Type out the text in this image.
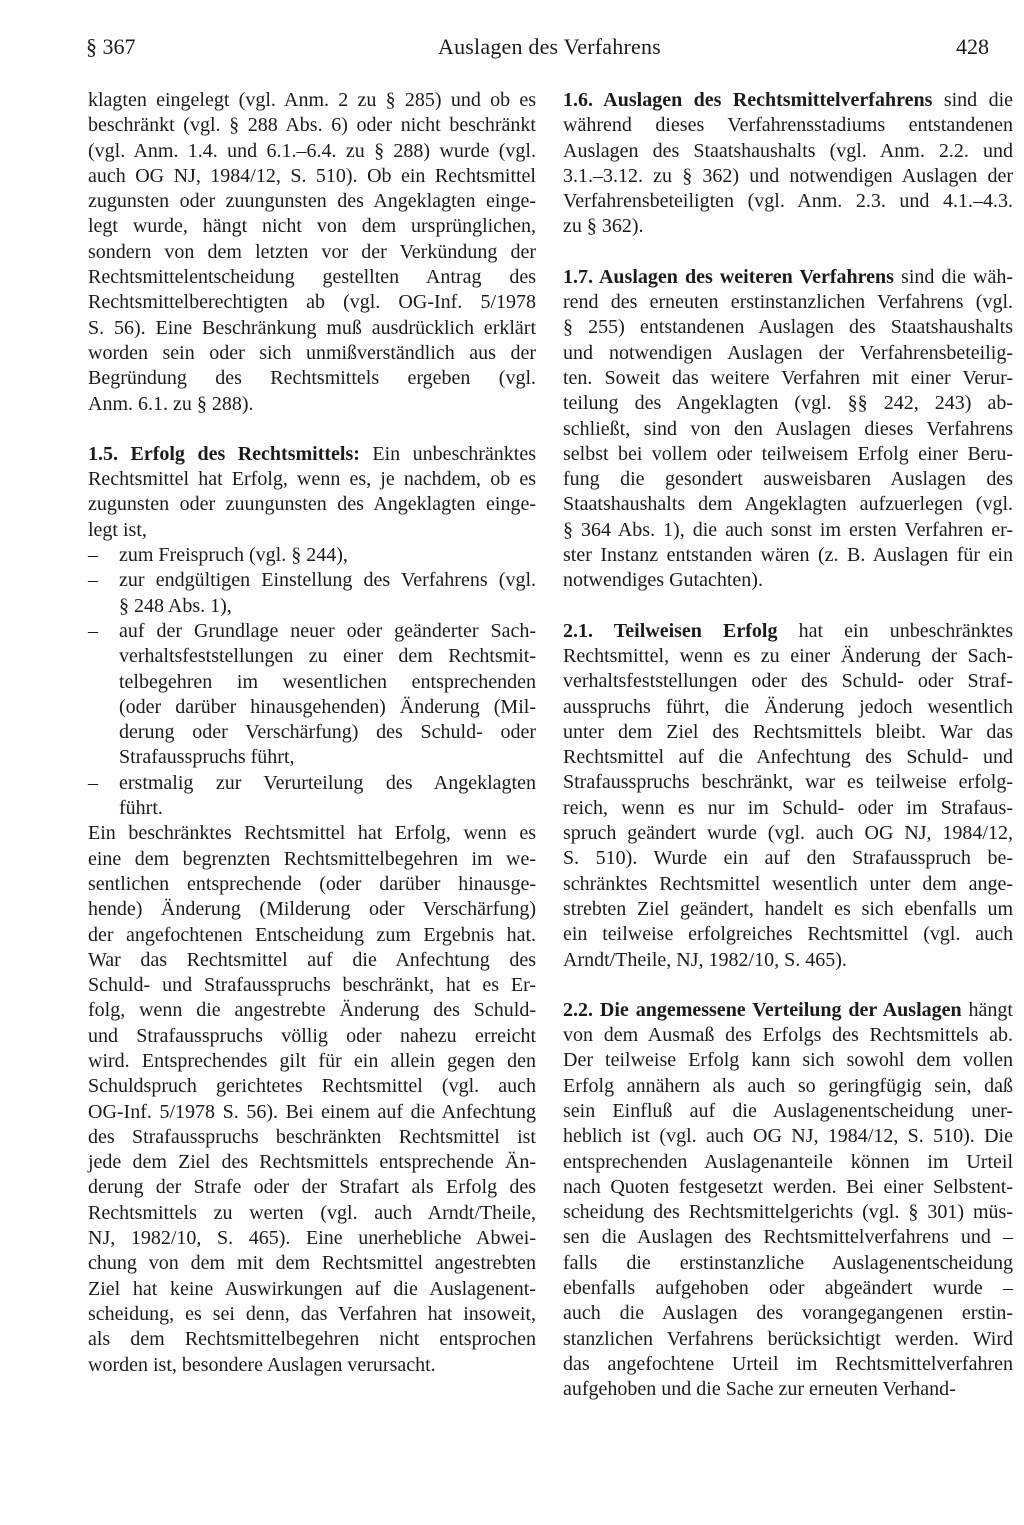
§ 367	Auslagen des Verfahrens	428
klagten eingelegt (vgl. Anm. 2 zu § 285) und ob es
beschränkt (vgl. § 288 Abs. 6) oder nicht beschränkt
(vgl. Anm. 1.4. und 6.1.–6.4. zu § 288) wurde (vgl.
auch OG NJ, 1984/12, S. 510). Ob ein Rechtsmittel
zugunsten oder zuungunsten des Angeklagten einge-
legt wurde, hängt nicht von dem ursprünglichen,
sondern von dem letzten vor der Verkündung der
Rechtsmittelentscheidung gestellten Antrag des
Rechtsmittelberechtigten ab (vgl. OG-Inf. 5/1978
S. 56). Eine Beschränkung muß ausdrücklich erklärt
worden sein oder sich unmißverständlich aus der
Begründung des Rechtsmittels ergeben (vgl.
Anm. 6.1. zu § 288).
1.5. Erfolg des Rechtsmittels: Ein unbeschränktes
Rechtsmittel hat Erfolg, wenn es, je nachdem, ob es
zugunsten oder zuungunsten des Angeklagten einge-
legt ist,
– zum Freispruch (vgl. § 244),
– zur endgültigen Einstellung des Verfahrens (vgl.
§ 248 Abs. 1),
– auf der Grundlage neuer oder geänderter Sach-
verhaltsfeststellungen zu einer dem Rechtsmit-
telbegehren im wesentlichen entsprechenden
(oder darüber hinausgehenden) Änderung (Mil-
derung oder Verschärfung) des Schuld- oder
Strafausspruchs führt,
– erstmalig zur Verurteilung des Angeklagten
führt.
Ein beschränktes Rechtsmittel hat Erfolg, wenn es
eine dem begrenzten Rechtsmittelbegehren im we-
sentlichen entsprechende (oder darüber hinausge-
hende) Änderung (Milderung oder Verschärfung)
der angefochtenen Entscheidung zum Ergebnis hat.
War das Rechtsmittel auf die Anfechtung des
Schuld- und Strafausspruchs beschränkt, hat es Er-
folg, wenn die angestrebte Änderung des Schuld-
und Strafausspruchs völlig oder nahezu erreicht
wird. Entsprechendes gilt für ein allein gegen den
Schuldspruch gerichtetes Rechtsmittel (vgl. auch
OG-Inf. 5/1978 S. 56). Bei einem auf die Anfechtung
des Strafausspruchs beschränkten Rechtsmittel ist
jede dem Ziel des Rechtsmittels entsprechende Än-
derung der Strafe oder der Strafart als Erfolg des
Rechtsmittels zu werten (vgl. auch Arndt/Theile,
NJ, 1982/10, S. 465). Eine unerhebliche Abwei-
chung von dem mit dem Rechtsmittel angestrebten
Ziel hat keine Auswirkungen auf die Auslagenent-
scheidung, es sei denn, das Verfahren hat insoweit,
als dem Rechtsmittelbegehren nicht entsprochen
worden ist, besondere Auslagen verursacht.
1.6. Auslagen des Rechtsmittelverfahrens sind die
während dieses Verfahrensstadiums entstandenen
Auslagen des Staatshaushalts (vgl. Anm. 2.2. und
3.1.–3.12. zu § 362) und notwendigen Auslagen der
Verfahrensbeteiligten (vgl. Anm. 2.3. und 4.1.–4.3.
zu § 362).
1.7. Auslagen des weiteren Verfahrens sind die wäh-
rend des erneuten erstinstanzlichen Verfahrens (vgl.
§ 255) entstandenen Auslagen des Staatshaushalts
und notwendigen Auslagen der Verfahrensbeteilig-
ten. Soweit das weitere Verfahren mit einer Verur-
teilung des Angeklagten (vgl. §§ 242, 243) ab-
schließt, sind von den Auslagen dieses Verfahrens
selbst bei vollem oder teilweisem Erfolg einer Beru-
fung die gesondert ausweisbaren Auslagen des
Staatshaushalts dem Angeklagten aufzuerlegen (vgl.
§ 364 Abs. 1), die auch sonst im ersten Verfahren er-
ster Instanz entstanden wären (z. B. Auslagen für ein
notwendiges Gutachten).
2.1. Teilweisen Erfolg hat ein unbeschränktes
Rechtsmittel, wenn es zu einer Änderung der Sach-
verhaltsfeststellungen oder des Schuld- oder Straf-
ausspruchs führt, die Änderung jedoch wesentlich
unter dem Ziel des Rechtsmittels bleibt. War das
Rechtsmittel auf die Anfechtung des Schuld- und
Strafausspruchs beschränkt, war es teilweise erfolg-
reich, wenn es nur im Schuld- oder im Strafaus-
spruch geändert wurde (vgl. auch OG NJ, 1984/12,
S. 510). Wurde ein auf den Strafausspruch be-
schränktes Rechtsmittel wesentlich unter dem ange-
strebten Ziel geändert, handelt es sich ebenfalls um
ein teilweise erfolgreiches Rechtsmittel (vgl. auch
Arndt/Theile, NJ, 1982/10, S. 465).
2.2. Die angemessene Verteilung der Auslagen hängt
von dem Ausmaß des Erfolgs des Rechtsmittels ab.
Der teilweise Erfolg kann sich sowohl dem vollen
Erfolg annähern als auch so geringfügig sein, daß
sein Einfluß auf die Auslagenentscheidung uner-
heblich ist (vgl. auch OG NJ, 1984/12, S. 510). Die
entsprechenden Auslagenanteile können im Urteil
nach Quoten festgesetzt werden. Bei einer Selbstent-
scheidung des Rechtsmittelgerichts (vgl. § 301) müs-
sen die Auslagen des Rechtsmittelverfahrens und –
falls die erstinstanzliche Auslagenentscheidung
ebenfalls aufgehoben oder abgeändert wurde –
auch die Auslagen des vorangegangenen erstin-
stanzlichen Verfahrens berücksichtigt werden. Wird
das angefochtene Urteil im Rechtsmittelverfahren
aufgehoben und die Sache zur erneuten Verhand-
